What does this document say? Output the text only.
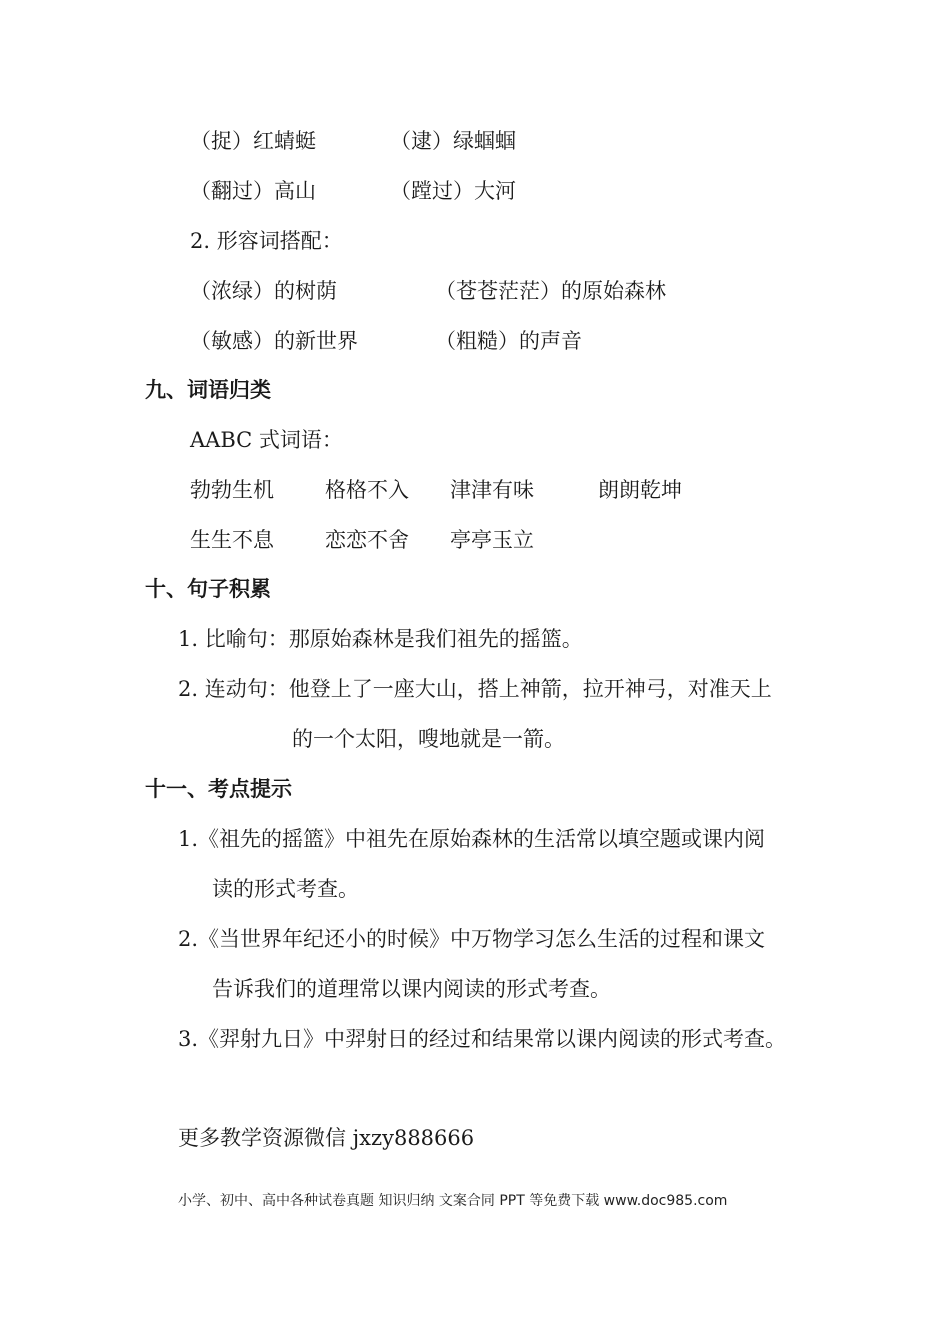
（捉）红蜻蜓	（逮）绿蝈蝈
（翻过）高山	（蹚过）大河
2. 形容词搭配：
（浓绿）的树荫	（苍苍茫茫）的原始森林
（敏感）的新世界	（粗糙）的声音
九、词语归类
AABC 式词语：
勃勃生机 格格不入 津津有味	朗朗乾坤
生生不息 恋恋不舍 亭亭玉立
十、句子积累
1. 比喻句：那原始森林是我们祖先的摇篮。
2. 连动句：他登上了一座大山，搭上神箭，拉开神弓，对准天上
的一个太阳，嗖地就是一箭。
十一、考点提示
1.《祖先的摇篮》中祖先在原始森林的生活常以填空题或课内阅
读的形式考查。
2.《当世界年纪还小的时候》中万物学习怎么生活的过程和课文
告诉我们的道理常以课内阅读的形式考查。
3.《羿射九日》中羿射日的经过和结果常以课内阅读的形式考查。
更多教学资源微信 jxzy888666
小学、初中、高中各种试卷真题 知识归纳 文案合同 PPT 等免费下载 www.doc985.com
